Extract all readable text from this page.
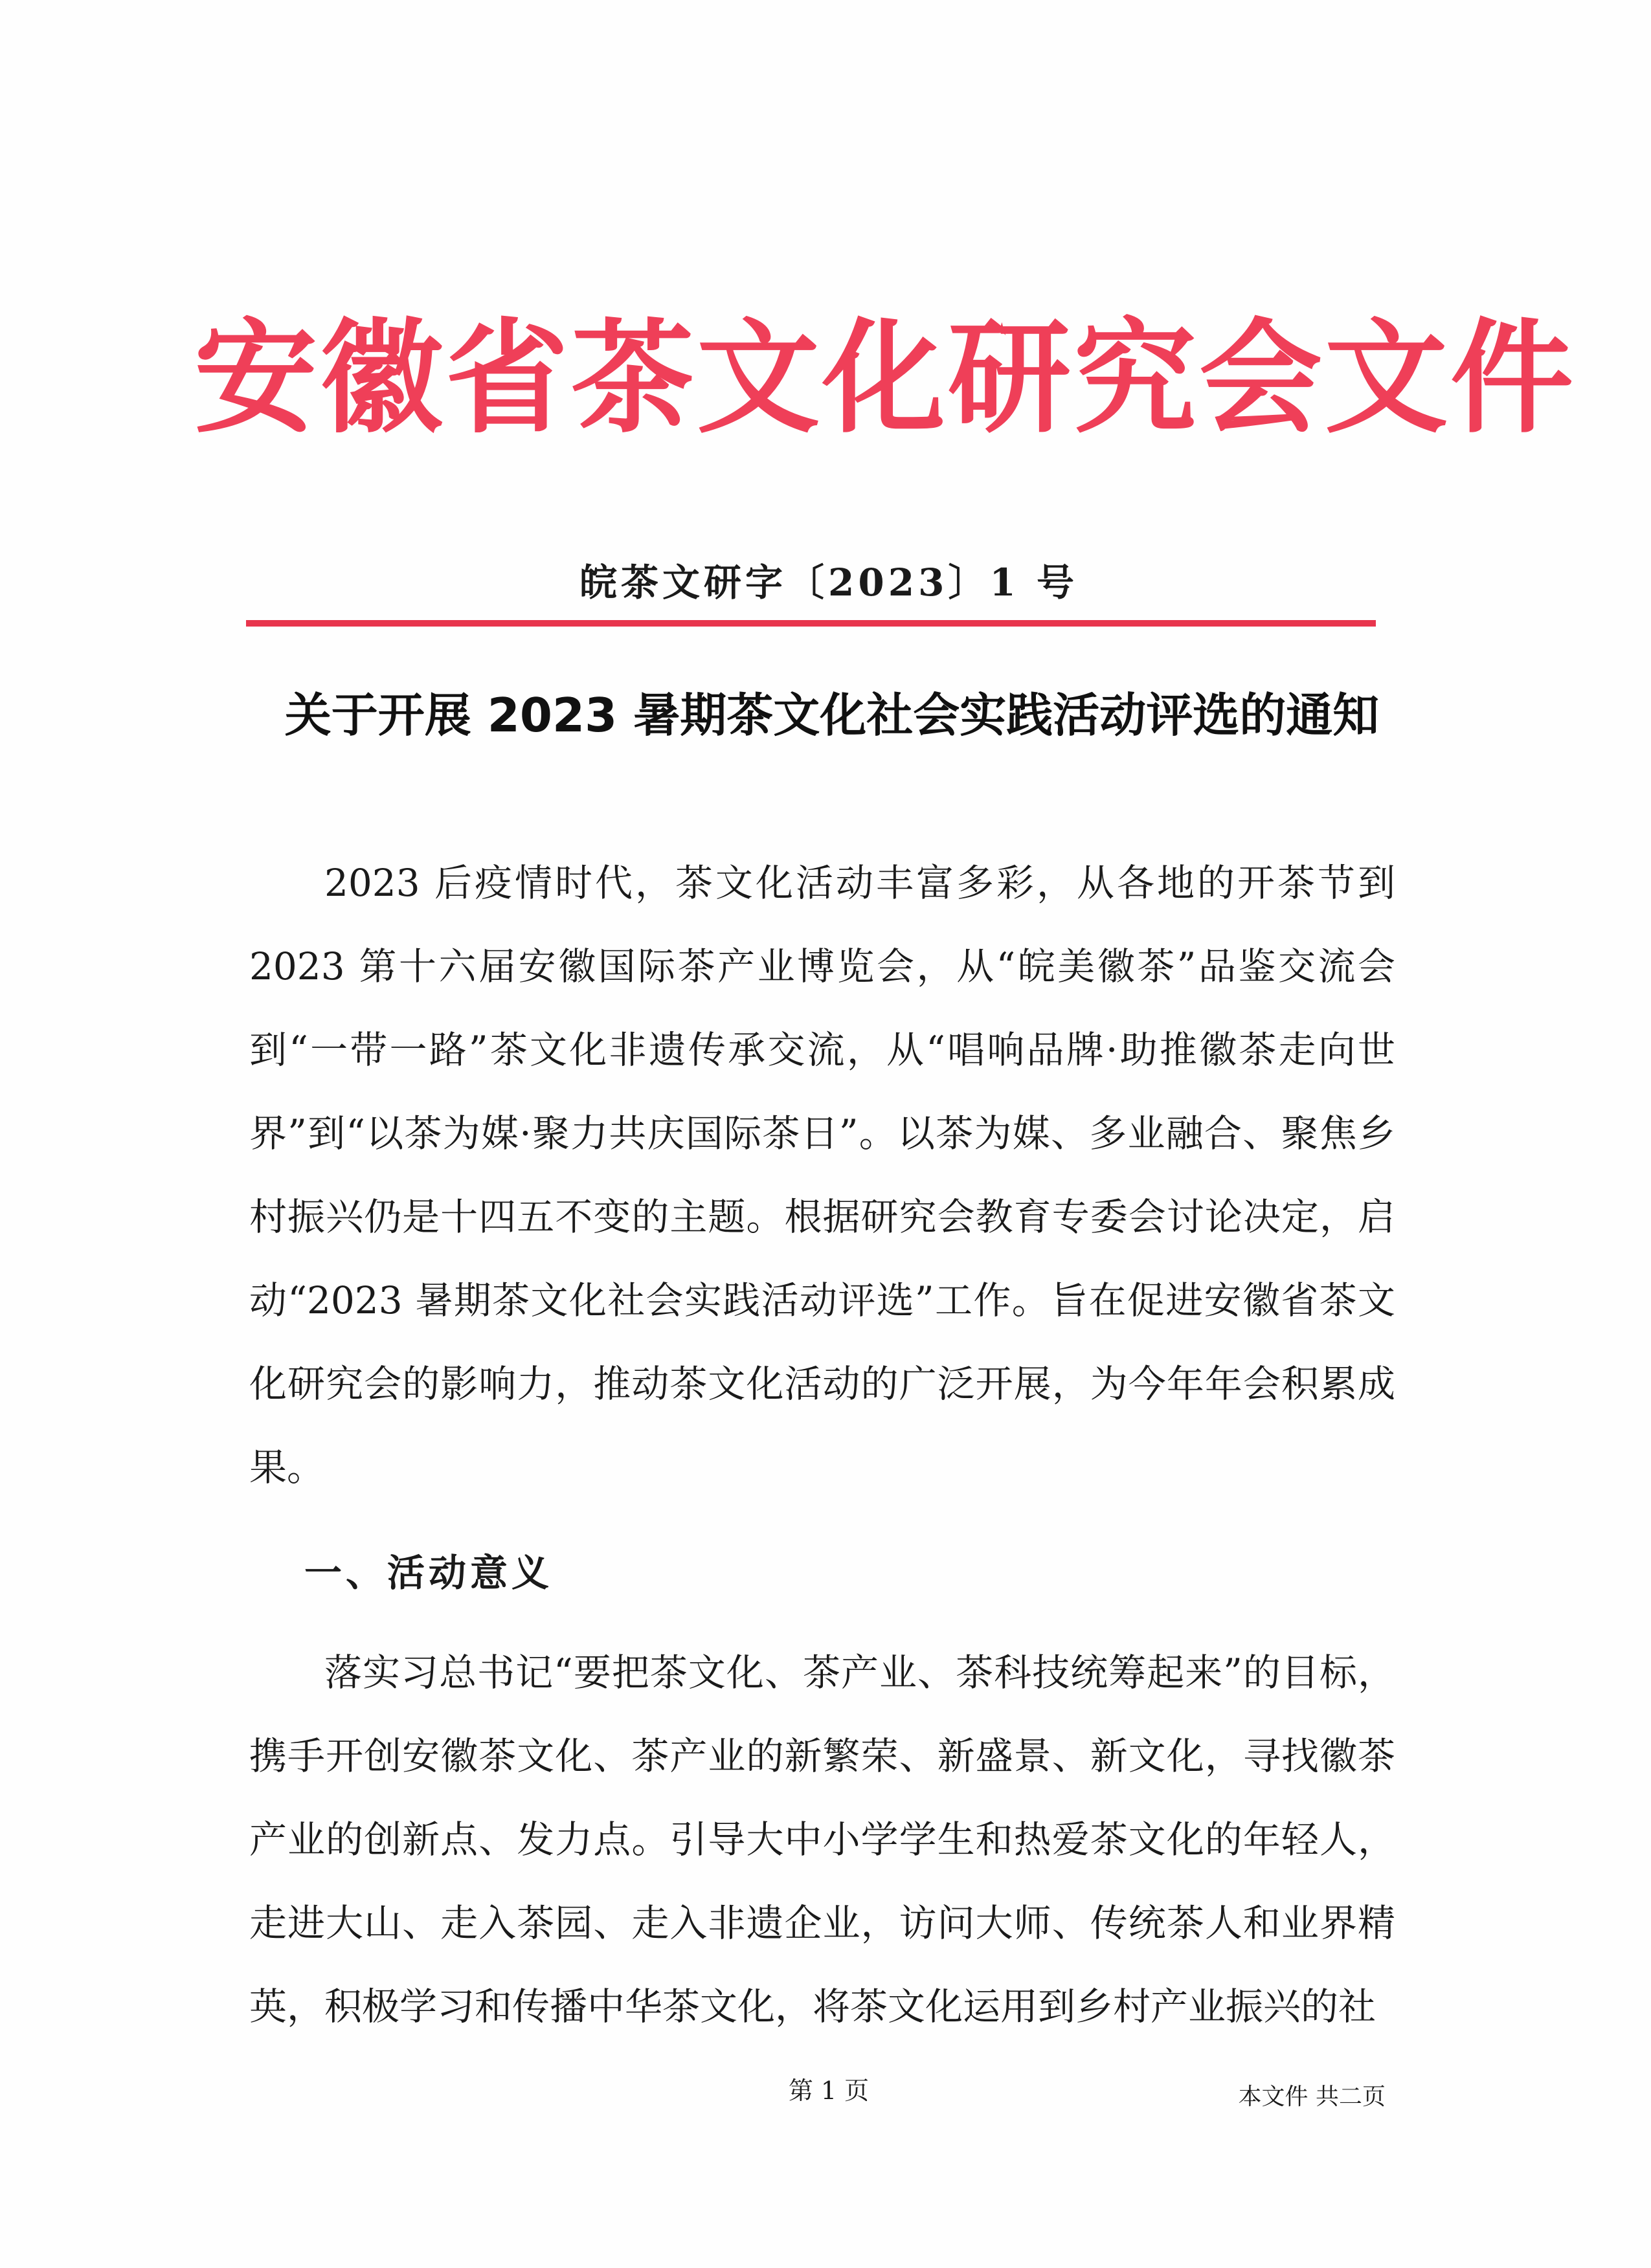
安徽省茶文化研究会文件
皖茶文研字〔2023〕1 号
关于开展 2023 暑期茶文化社会实践活动评选的通知

2023 后疫情时代，茶文化活动丰富多彩，从各地的开茶节到 2023 第十六届安徽国际茶产业博览会，从“皖美徽茶”品鉴交流会到“一带一路”茶文化非遗传承交流，从“唱响品牌·助推徽茶走向世界”到“以茶为媒·聚力共庆国际茶日”。以茶为媒、多业融合、聚焦乡村振兴仍是十四五不变的主题。根据研究会教育专委会讨论决定，启动“2023 暑期茶文化社会实践活动评选”工作。旨在促进安徽省茶文化研究会的影响力，推动茶文化活动的广泛开展，为今年年会积累成果。

一、活动意义

落实习总书记“要把茶文化、茶产业、茶科技统筹起来”的目标，携手开创安徽茶文化、茶产业的新繁荣、新盛景、新文化，寻找徽茶产业的创新点、发力点。引导大中小学学生和热爱茶文化的年轻人，走进大山、走入茶园、走入非遗企业，访问大师、传统茶人和业界精英，积极学习和传播中华茶文化，将茶文化运用到乡村产业振兴的社

第 1 页	本文件 共二页
